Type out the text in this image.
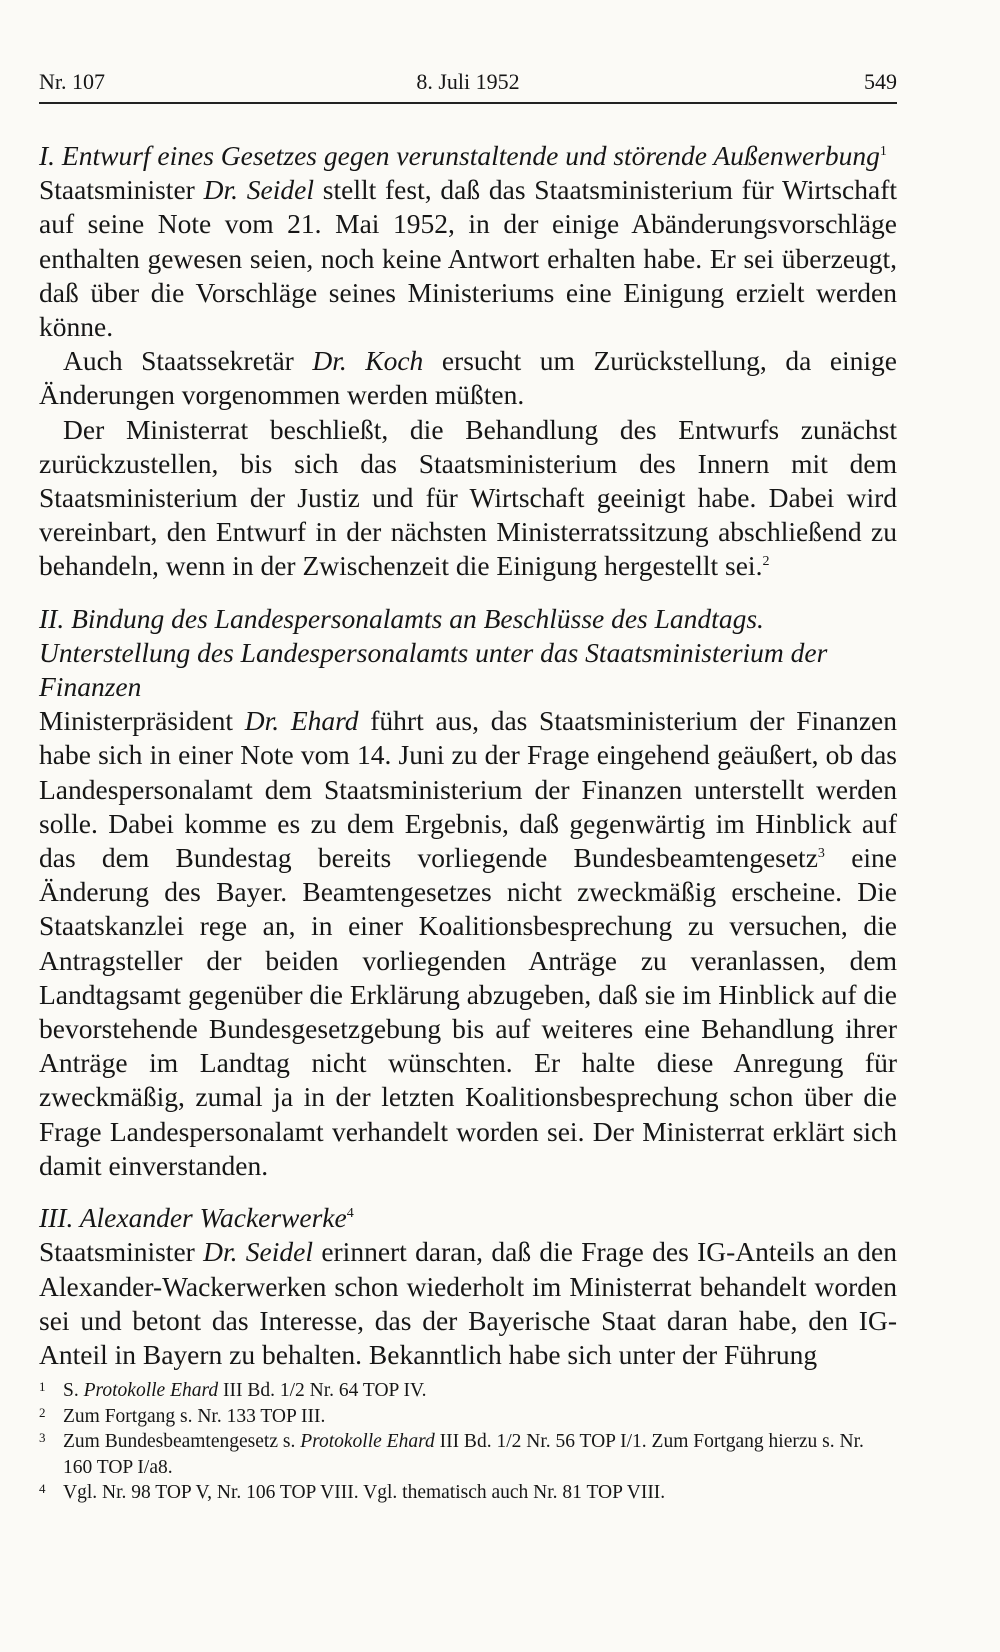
Nr. 107	8. Juli 1952	549

I. Entwurf eines Gesetzes gegen verunstaltende und störende Außenwerbung$^1$

Staatsminister Dr. Seidel stellt fest, daß das Staatsministerium für Wirtschaft auf seine Note vom 21. Mai 1952, in der einige Abänderungsvorschläge enthalten gewesen seien, noch keine Antwort erhalten habe. Er sei überzeugt, daß über die Vorschläge seines Ministeriums eine Einigung erzielt werden könne.

Auch Staatssekretär Dr. Koch ersucht um Zurückstellung, da einige Änderungen vorgenommen werden müßten.

Der Ministerrat beschließt, die Behandlung des Entwurfs zunächst zurückzustellen, bis sich das Staatsministerium des Innern mit dem Staatsministerium der Justiz und für Wirtschaft geeinigt habe. Dabei wird vereinbart, den Entwurf in der nächsten Ministerratssitzung abschließend zu behandeln, wenn in der Zwischenzeit die Einigung hergestellt sei.$^2$

II. Bindung des Landespersonalamts an Beschlüsse des Landtags. Unterstellung des Landespersonalamts unter das Staatsministerium der Finanzen

Ministerpräsident Dr. Ehard führt aus, das Staatsministerium der Finanzen habe sich in einer Note vom 14. Juni zu der Frage eingehend geäußert, ob das Landespersonalamt dem Staatsministerium der Finanzen unterstellt werden solle. Dabei komme es zu dem Ergebnis, daß gegenwärtig im Hinblick auf das dem Bundestag bereits vorliegende Bundesbeamtengesetz$^3$ eine Änderung des Bayer. Beamtengesetzes nicht zweckmäßig erscheine. Die Staatskanzlei rege an, in einer Koalitionsbesprechung zu versuchen, die Antragsteller der beiden vorliegenden Anträge zu veranlassen, dem Landtagsamt gegenüber die Erklärung abzugeben, daß sie im Hinblick auf die bevorstehende Bundesgesetzgebung bis auf weiteres eine Behandlung ihrer Anträge im Landtag nicht wünschten. Er halte diese Anregung für zweckmäßig, zumal ja in der letzten Koalitionsbesprechung schon über die Frage Landespersonalamt verhandelt worden sei. Der Ministerrat erklärt sich damit einverstanden.

III. Alexander Wackerwerke$^4$

Staatsminister Dr. Seidel erinnert daran, daß die Frage des IG-Anteils an den Alexander-Wackerwerken schon wiederholt im Ministerrat behandelt worden sei und betont das Interesse, das der Bayerische Staat daran habe, den IG-Anteil in Bayern zu behalten. Bekanntlich habe sich unter der Führung

1 S. Protokolle Ehard III Bd. 1/2 Nr. 64 TOP IV.

2 Zum Fortgang s. Nr. 133 TOP III.

3 Zum Bundesbeamtengesetz s. Protokolle Ehard III Bd. 1/2 Nr. 56 TOP I/1. Zum Fortgang hierzu s. Nr. 160 TOP I/a8.

4 Vgl. Nr. 98 TOP V, Nr. 106 TOP VIII. Vgl. thematisch auch Nr. 81 TOP VIII.
